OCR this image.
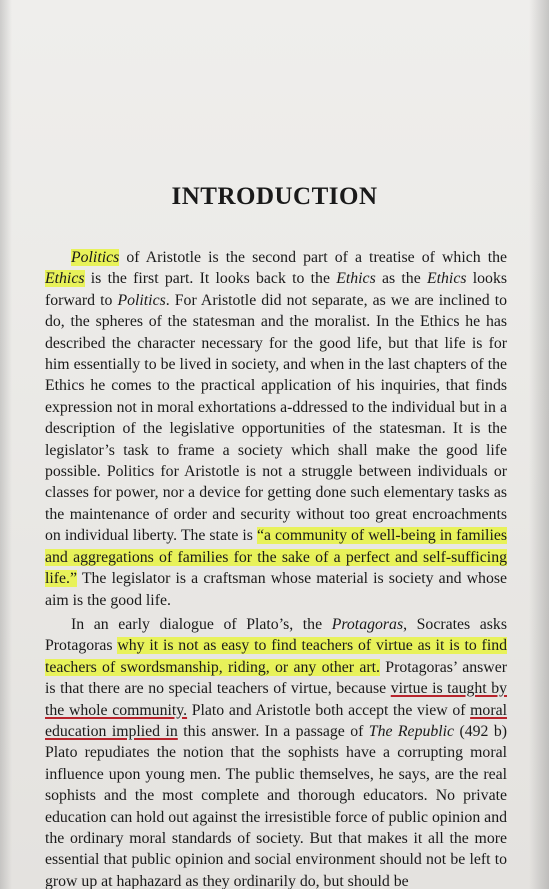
INTRODUCTION

Politics of Aristotle is the second part of a treatise of which the Ethics is the first part. It looks back to the Ethics as the Ethics looks forward to Politics. For Aristotle did not separate, as we are inclined to do, the spheres of the statesman and the moralist. In the Ethics he has described the character necessary for the good life, but that life is for him essentially to be lived in society, and when in the last chapters of the Ethics he comes to the practical application of his inquiries, that finds expression not in moral exhortations a-ddressed to the individual but in a description of the legislative opportunities of the statesman. It is the legislator’s task to frame a society which shall make the good life possible. Politics for Aristotle is not a struggle between individuals or classes for power, nor a device for getting done such elementary tasks as the maintenance of order and security without too great encroachments on individual liberty. The state is “a community of well-being in families and aggregations of families for the sake of a perfect and self-sufficing life.” The legislator is a craftsman whose material is society and whose aim is the good life.

In an early dialogue of Plato’s, the Protagoras, Socrates asks Protagoras why it is not as easy to find teachers of virtue as it is to find teachers of swordsmanship, riding, or any other art. Protagoras’ answer is that there are no special teachers of virtue, because virtue is taught by the whole community. Plato and Aristotle both accept the view of moral education implied in this answer. In a passage of The Republic (492 b) Plato repudiates the notion that the sophists have a corrupting moral influence upon young men. The public themselves, he says, are the real sophists and the most complete and thorough educators. No private education can hold out against the irresistible force of public opinion and the ordinary moral standards of society. But that makes it all the more essential that public opinion and social environment should not be left to grow up at haphazard as they ordinarily do, but should be
